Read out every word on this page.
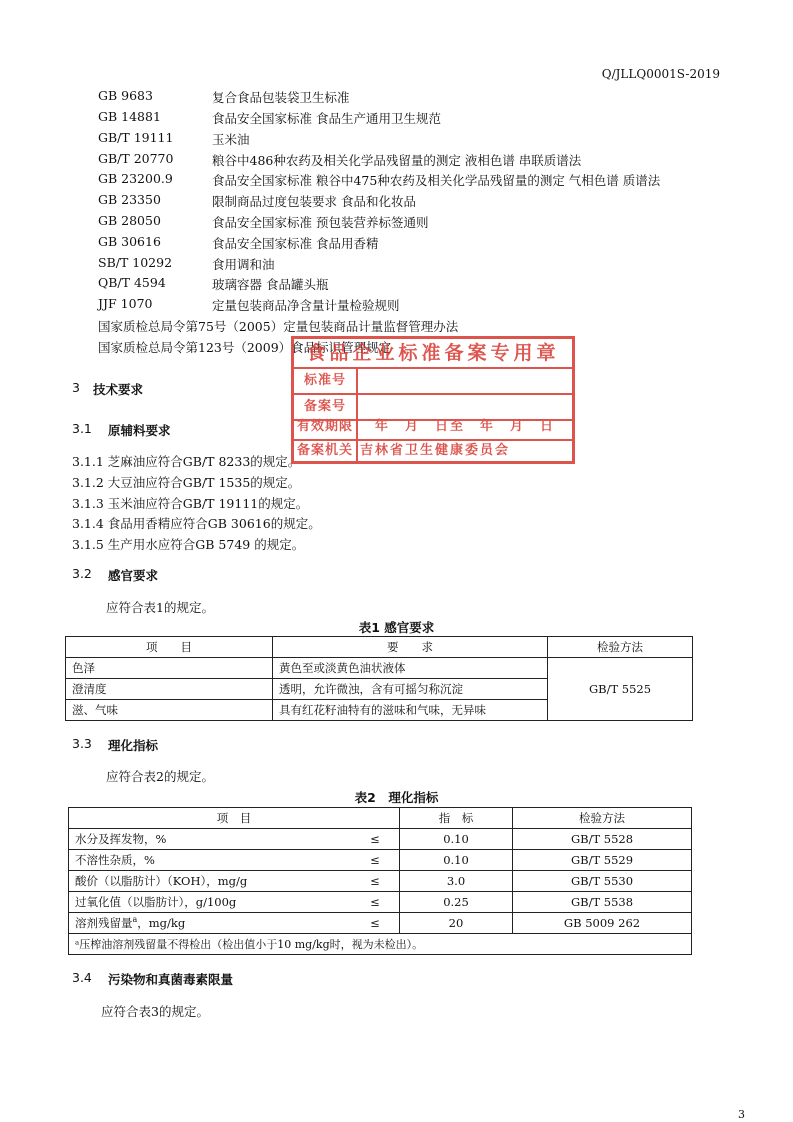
Q/JLLQ0001S-2019
GB 9683	复合食品包装袋卫生标准
GB 14881	食品安全国家标准 食品生产通用卫生规范
GB/T 19111	玉米油
GB/T 20770	粮谷中486种农药及相关化学品残留量的测定 液相色谱 串联质谱法
GB 23200.9	食品安全国家标准 粮谷中475种农药及相关化学品残留量的测定 气相色谱 质谱法
GB 23350	限制商品过度包装要求 食品和化妆品
GB 28050	食品安全国家标准 预包装营养标签通则
GB 30616	食品安全国家标准 食品用香精
SB/T 10292	食用调和油
QB/T 4594	玻璃容器 食品罐头瓶
JJF 1070	定量包装商品净含量计量检验规则
国家质检总局令第75号（2005）定量包装商品计量监督管理办法
国家质检总局令第123号（2009）食品标识管理规定
3 技术要求
3.1 原辅料要求
3.1.1 芝麻油应符合GB/T 8233的规定。
3.1.2 大豆油应符合GB/T 1535的规定。
3.1.3 玉米油应符合GB/T 19111的规定。
3.1.4 食品用香精应符合GB 30616的规定。
3.1.5 生产用水应符合GB 5749 的规定。
3.2 感官要求
应符合表1的规定。
表1 感官要求
项　　目	要　　求	检验方法
色泽	黄色至或淡黄色油状液体	GB/T 5525
澄清度	透明，允许微浊，含有可摇匀称沉淀	
滋、气味	具有红花籽油特有的滋味和气味，无异味	
3.3 理化指标
应符合表2的规定。
表2　理化指标
项　目		指　标	检验方法
水分及挥发物，%	≤	0.10	GB/T 5528
不溶性杂质，%	≤	0.10	GB/T 5529
酸价（以脂肪计）（KOH），mg/g	≤	3.0	GB/T 5530
过氧化值（以脂肪计），g/100g	≤	0.25	GB/T 5538
溶剂残留量$^a$，mg/kg	≤	20	GB 5009 262
ᵃ压榨油溶剂残留量不得检出（检出值小于10 mg/kg时，视为未检出）。			
3.4 污染物和真菌毒素限量
应符合表3的规定。
食品企业标准备案专用章
标准号
备案号
有效期限 　年　月　日至　年　月　日
备案机关 吉林省卫生健康委员会
3
